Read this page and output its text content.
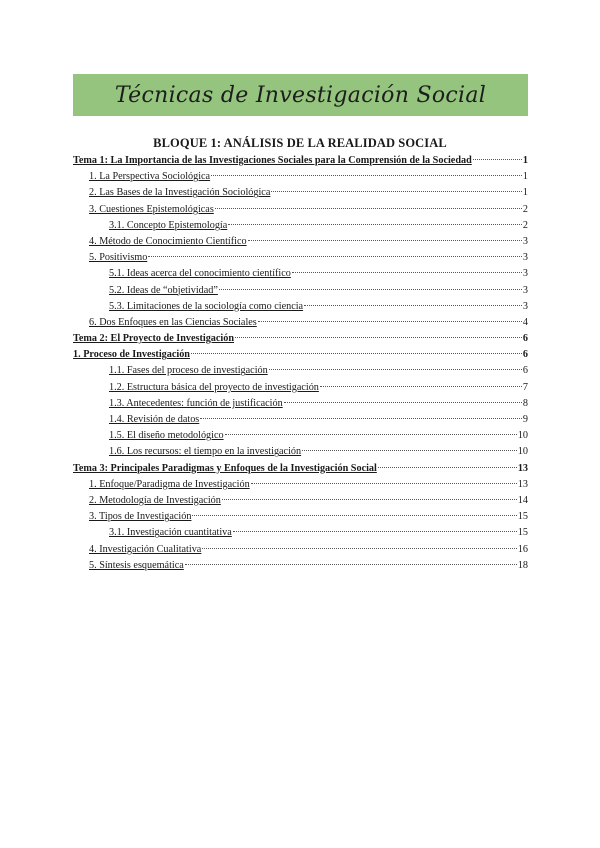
Técnicas de Investigación Social
BLOQUE 1: ANÁLISIS DE LA REALIDAD SOCIAL
Tema 1: La Importancia de las Investigaciones Sociales para la Comprensión de la Sociedad	1
1. La Perspectiva Sociológica	1
2. Las Bases de la Investigación Sociológica	1
3. Cuestiones Epistemológicas	2
3.1. Concepto Epistemología	2
4. Método de Conocimiento Científico	3
5. Positivismo	3
5.1. Ideas acerca del conocimiento científico	3
5.2. Ideas de “objetividad”	3
5.3. Limitaciones de la sociología como ciencia	3
6. Dos Enfoques en las Ciencias Sociales	4
Tema 2: El Proyecto de Investigación	6
1. Proceso de Investigación	6
1.1. Fases del proceso de investigación	6
1.2. Estructura básica del proyecto de investigación	7
1.3. Antecedentes: función de justificación	8
1.4. Revisión de datos	9
1.5. El diseño metodológico	10
1.6. Los recursos: el tiempo en la investigación	10
Tema 3: Principales Paradigmas y Enfoques de la Investigación Social	13
1. Enfoque/Paradigma de Investigación	13
2. Metodología de Investigación	14
3. Tipos de Investigación	15
3.1. Investigación cuantitativa	15
4. Investigación Cualitativa	16
5. Síntesis esquemática	18
